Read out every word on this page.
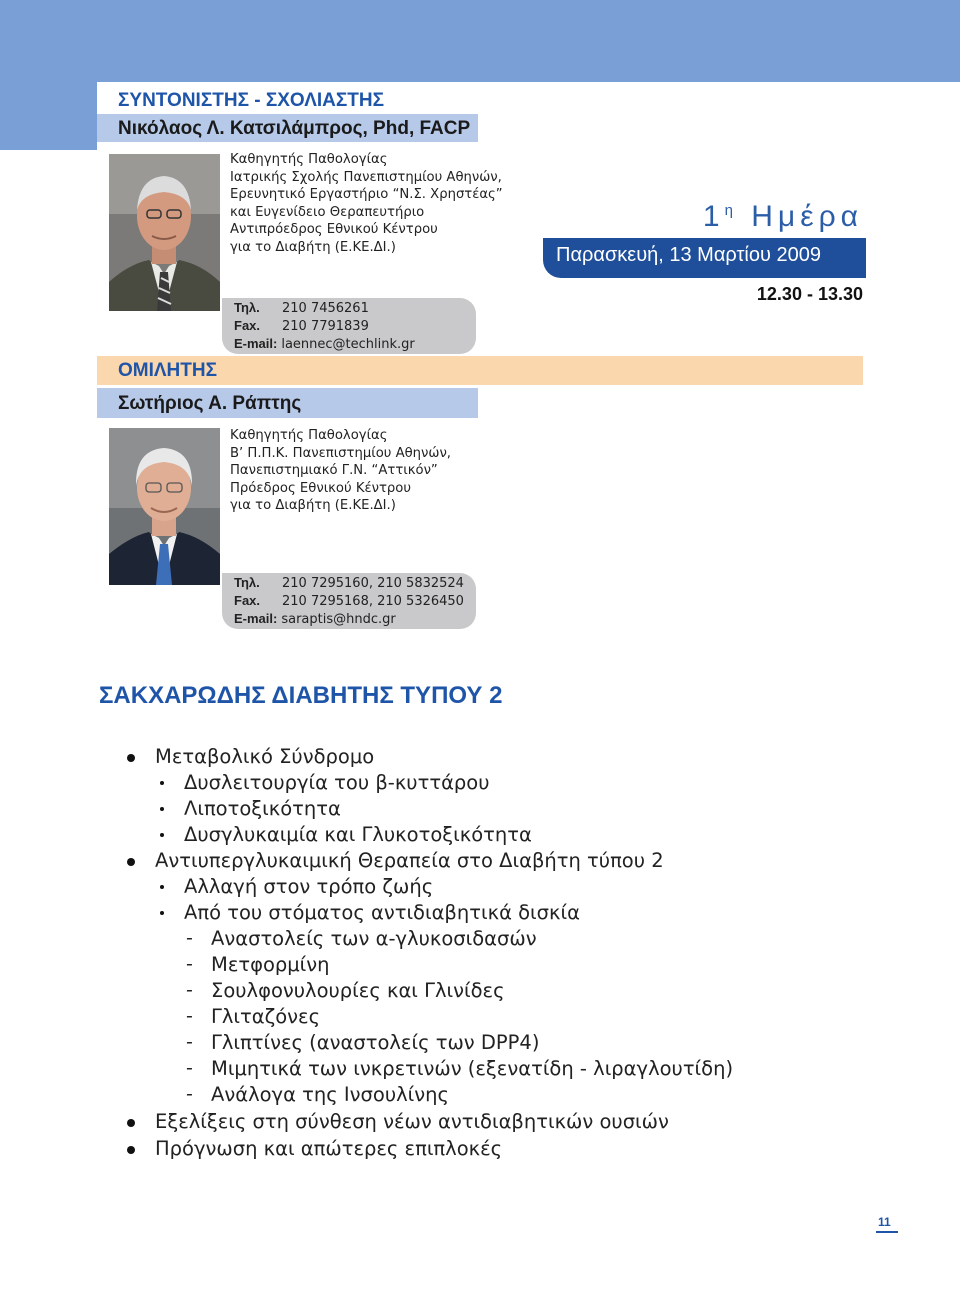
ΣΥΝΤΟΝΙΣΤΗΣ - ΣΧΟΛΙΑΣΤΗΣ
Νικόλαος Λ. Κατσιλάμπρος, Phd, FACP
Καθηγητής Παθολογίας
Ιατρικής Σχολής Πανεπιστημίου Αθηνών,
Ερευνητικό Εργαστήριο “Ν.Σ. Χρηστέας”
και Ευγενίδειο Θεραπευτήριο
Αντιπρόεδρος Εθνικού Κέντρου
για το Διαβήτη (Ε.ΚΕ.ΔΙ.)
Τηλ. 210 7456261
Fax. 210 7791839
E-mail: laennec@techlink.gr
$1^\eta$ Ημέρα
Παρασκευή, 13 Μαρτίου 2009
12.30 - 13.30
ΟΜΙΛΗΤΗΣ
Σωτήριος Α. Ράπτης
Καθηγητής Παθολογίας
Β’ Π.Π.Κ. Πανεπιστημίου Αθηνών,
Πανεπιστημιακό Γ.Ν. “Αττικόν”
Πρόεδρος Εθνικού Κέντρου
για το Διαβήτη (Ε.ΚΕ.ΔΙ.)
Τηλ. 210 7295160, 210 5832524
Fax. 210 7295168, 210 5326450
E-mail: saraptis@hndc.gr
ΣΑΚΧΑΡΩΔΗΣ ΔΙΑΒΗΤΗΣ ΤΥΠΟΥ 2
Μεταβολικό Σύνδρομο
Δυσλειτουργία του β-κυττάρου
Λιποτοξικότητα
Δυσγλυκαιμία και Γλυκοτοξικότητα
Αντιυπεργλυκαιμική Θεραπεία στο Διαβήτη τύπου 2
Αλλαγή στον τρόπο ζωής
Από του στόματος αντιδιαβητικά δισκία
- Αναστολείς των α-γλυκοσιδασών
- Μετφορμίνη
- Σουλφονυλουρίες και Γλινίδες
- Γλιταζόνες
- Γλιπτίνες (αναστολείς των DPP4)
- Μιμητικά των ινκρετινών (εξενατίδη - λιραγλουτίδη)
- Ανάλογα της Ινσουλίνης
Εξελίξεις στη σύνθεση νέων αντιδιαβητικών ουσιών
Πρόγνωση και απώτερες επιπλοκές
11
